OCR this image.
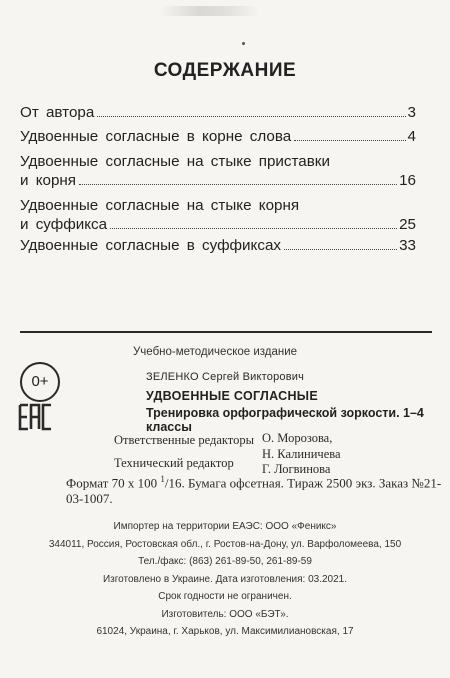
СОДЕРЖАНИЕ
От автора	3
Удвоенные согласные в корне слова	4
Удвоенные согласные на стыке приставки
и корня	16
Удвоенные согласные на стыке корня
и суффикса	25
Удвоенные согласные в суффиксах	33
Учебно-методическое издание
0+	ЗЕЛЕНКО Сергей Викторович
УДВОЕННЫЕ СОГЛАСНЫЕ
Тренировка орфографической зоркости. 1–4 классы
Ответственные редакторы О. Морозова,
Н. Калиничева
Г. Логвинова
Технический редактор
Формат 70 х 100 $^1$/16. Бумага офсетная. Тираж 2500 экз. Заказ №21-03-1007.
Импортер на территории ЕАЭС: ООО «Феникс»
344011, Россия, Ростовская обл., г. Ростов-на-Дону, ул. Варфоломеева, 150
Тел./факс: (863) 261-89-50, 261-89-59
Изготовлено в Украине. Дата изготовления: 03.2021.
Срок годности не ограничен.
Изготовитель: ООО «БЭТ».
61024, Украина, г. Харьков, ул. Максимилиановская, 17
